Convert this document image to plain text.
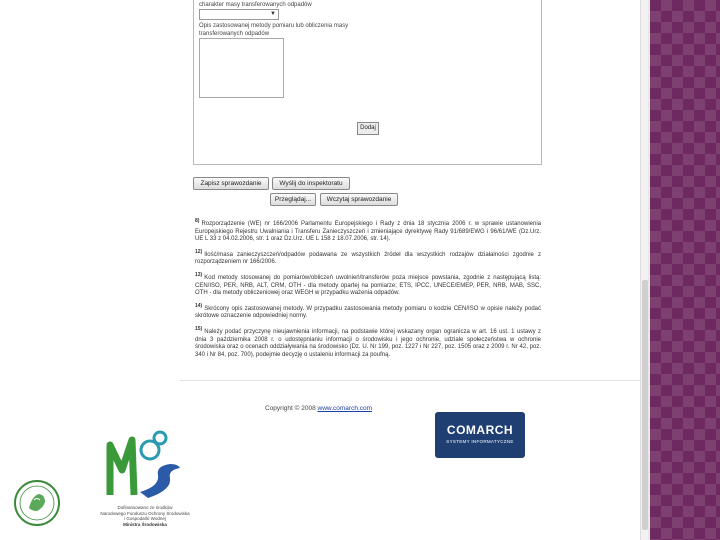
charakter masy transferowanych odpadów
▼
Opis zastosowanej metody pomiaru lub obliczenia masy transferowanych odpadów
Dodaj
Zapisz sprawozdanie	Wyślij do inspektoratu
Przeglądaj...	Wczytaj sprawozdanie
$^{8)}$ Rozporządzenie (WE) nr 166/2006 Parlamentu Europejskiego i Rady z dnia 18 stycznia 2006 r. w sprawie ustanowienia Europejskiego Rejestru Uwalniania i Transferu Zanieczyszczeń i zmieniające dyrektywę Rady 91/689/EWG i 96/61/WE (Dz.Urz. UE L 33 z 04.02.2006, str. 1 oraz Dz.Urz. UE L 158 z 18.07.2006, str. 14).
$^{12)}$ Ilość/masa zanieczyszczeń/odpadów podawana ze wszystkich źródeł dla wszystkich rodzajów działalności zgodnie z rozporządzeniem nr 166/2006.
$^{13)}$ Kod metody stosowanej do pomiarów/obliczeń uwolnień/transferów poza miejsce powstania, zgodnie z następującą listą: CEN/ISO, PER, NRB, ALT, CRM, OTH - dla metody opartej na pomiarze; ETS, IPCC, UNECE/EMEP, PER, NRB, MAB, SSC, OTH - dla metody obliczeniowej oraz WEGH w przypadku ważenia odpadów.
$^{14)}$ Skrócony opis zastosowanej metody. W przypadku zastosowania metody pomiaru o kodzie CEN/ISO w opisie należy podać skrótowe oznaczenie odpowiedniej normy.
$^{15)}$ Należy podać przyczynę nieujawnienia informacji, na podstawie której wskazany organ ogranicza w art. 16 ust. 1 ustawy z dnia 3 października 2008 r. o udostępnianiu informacji o środowisku i jego ochronie, udziale społeczeństwa w ochronie środowiska oraz o ocenach oddziaływania na środowisko (Dz. U. Nr 199, poz. 1227 i Nr 227, poz. 1505 oraz z 2009 r. Nr 42, poz. 340 i Nr 84, poz. 700), podejmie decyzję o ustaleniu informacji za poufną.
Copyright © 2008 www.comarch.com
COMARCH
SYSTEMY INFORMATYCZNE
Dofinansowano ze środków
Narodowego Funduszu Ochrony Środowiska
i Gospodarki Wodnej
Ministra Środowiska
